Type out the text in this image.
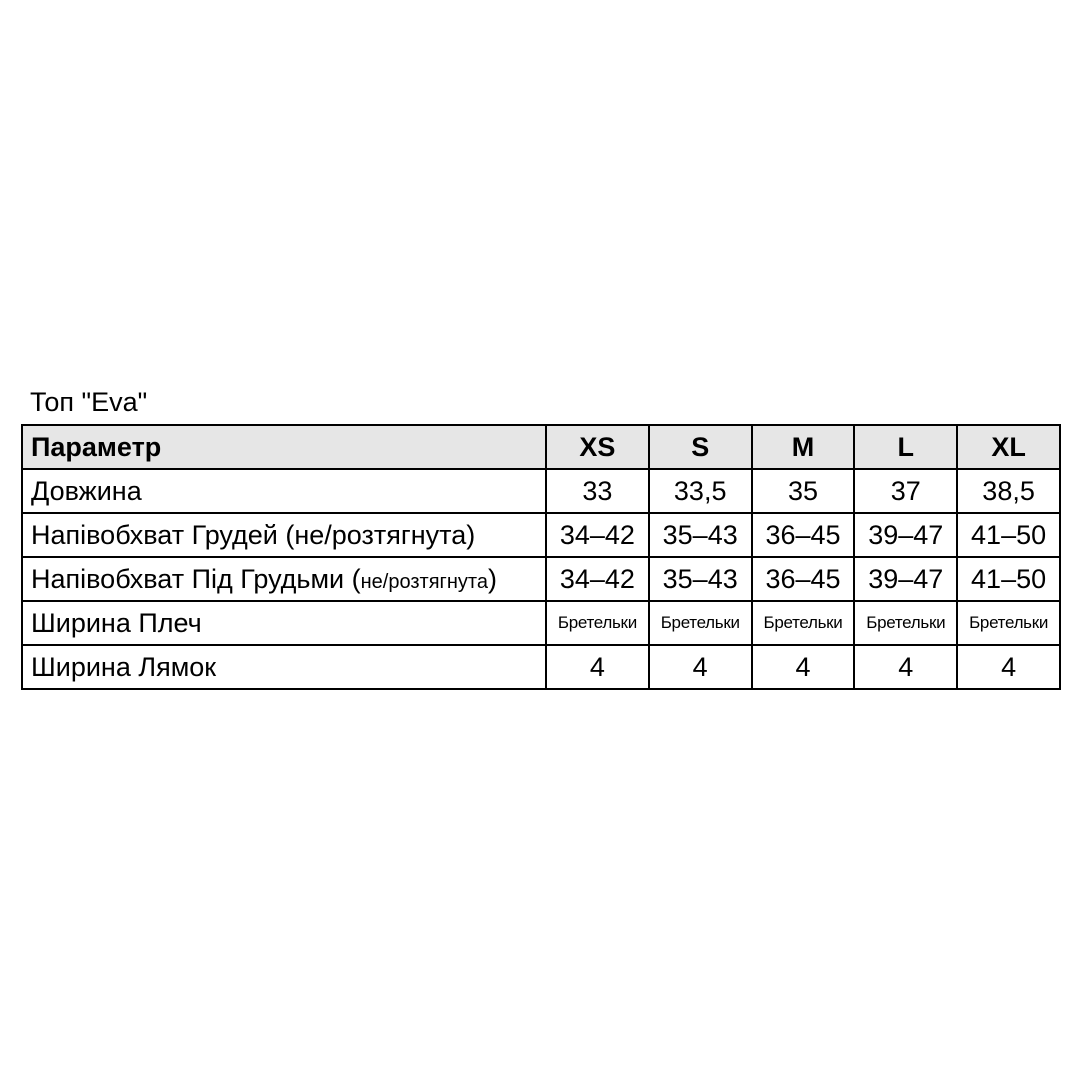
Топ "Eva"
Параметр	XS	S	M	L	XL
Довжина	33	33,5	35	37	38,5
Напівобхват Грудей (не/розтягнута)	34–42	35–43	36–45	39–47	41–50
Напівобхват Під Грудьми (не/розтягнута)	34–42	35–43	36–45	39–47	41–50
Ширина Плеч	Бретельки	Бретельки	Бретельки	Бретельки	Бретельки
Ширина Лямок	4	4	4	4	4
